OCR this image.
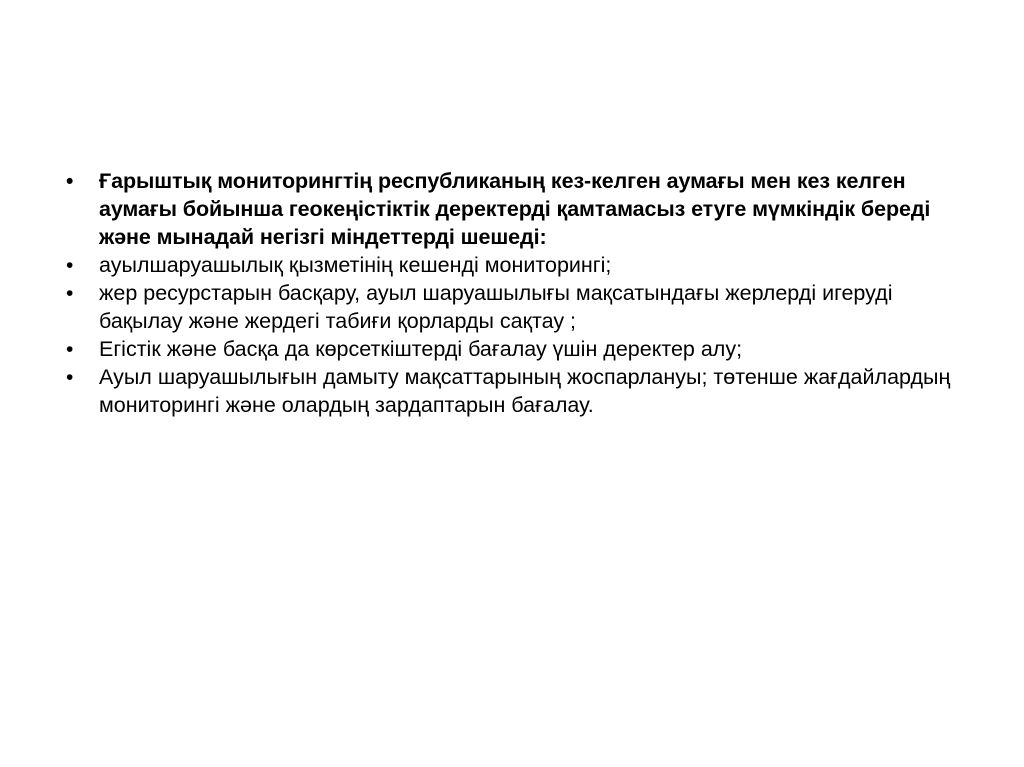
•	Ғарыштық мониторингтің республиканың кез-келген аумағы мен кез келген аумағы бойынша геокеңістіктік деректерді қамтамасыз етуге мүмкіндік береді және мынадай негізгі міндеттерді шешеді:
•	ауылшаруашылық қызметінің кешенді мониторингі;
•	жер ресурстарын басқару, ауыл шаруашылығы мақсатындағы жерлерді игеруді бақылау және жердегі табиғи қорларды сақтау ;
•	Егістік және басқа да көрсеткіштерді бағалау үшін деректер алу;
•	Ауыл шаруашылығын дамыту мақсаттарының жоспарлануы; төтенше жағдайлардың мониторингі және олардың зардаптарын бағалау.
